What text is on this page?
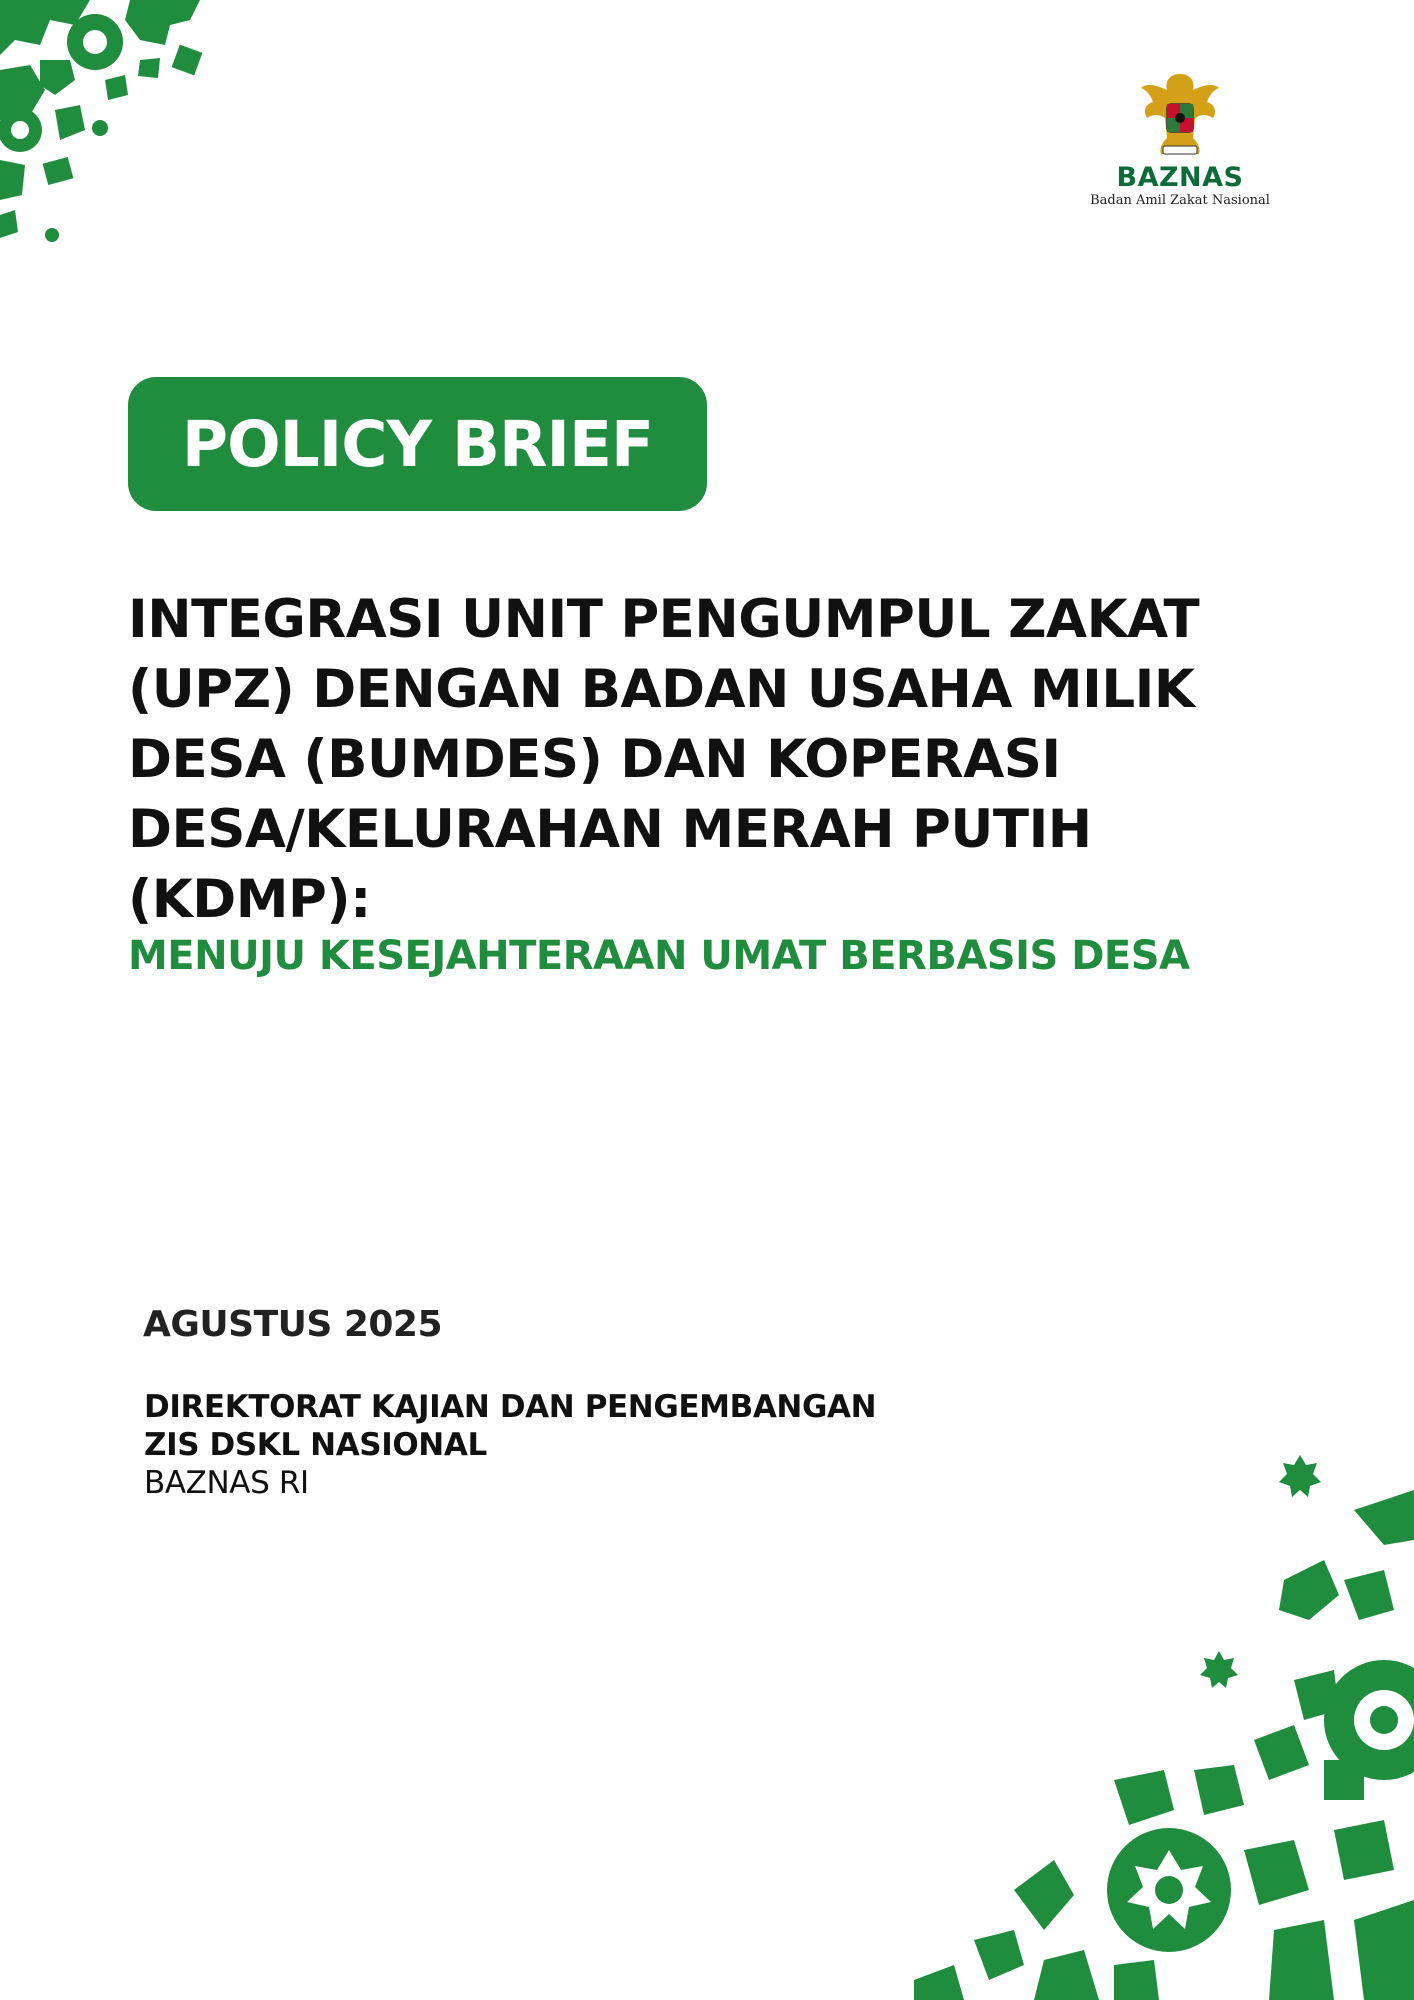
BAZNAS
Badan Amil Zakat Nasional
POLICY BRIEF
INTEGRASI UNIT PENGUMPUL ZAKAT
(UPZ) DENGAN BADAN USAHA MILIK
DESA (BUMDES) DAN KOPERASI
DESA/KELURAHAN MERAH PUTIH
(KDMP):
MENUJU KESEJAHTERAAN UMAT BERBASIS DESA
AGUSTUS 2025
DIREKTORAT KAJIAN DAN PENGEMBANGAN
ZIS DSKL NASIONAL
BAZNAS RI
